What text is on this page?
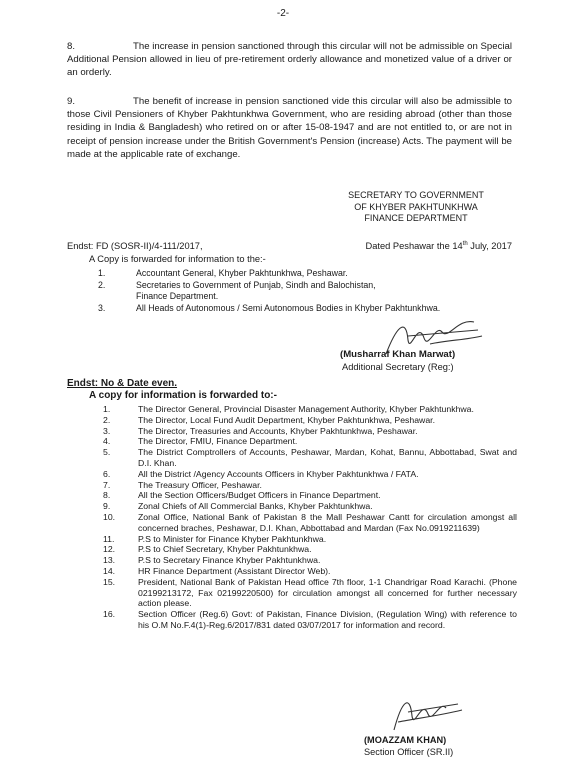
-2-
8.	The increase in pension sanctioned through this circular will not be admissible on Special Additional Pension allowed in lieu of pre-retirement orderly allowance and monetized value of a driver or an orderly.
9.	The benefit of increase in pension sanctioned vide this circular will also be admissible to those Civil Pensioners of Khyber Pakhtunkhwa Government, who are residing abroad (other than those residing in India & Bangladesh) who retired on or after 15-08-1947 and are not entitled to, or are not in receipt of pension increase under the British Government's Pension (increase) Acts. The payment will be made at the applicable rate of exchange.
SECRETARY TO GOVERNMENT
OF KHYBER PAKHTUNKHWA
FINANCE DEPARTMENT
Endst: FD (SOSR-II)/4-111/2017,	Dated Peshawar the 14th July, 2017
A Copy is forwarded for information to the:-
1.	Accountant General, Khyber Pakhtunkhwa, Peshawar.
2.	Secretaries to Government of Punjab, Sindh and Balochistan, Finance Department.
3.	All Heads of Autonomous / Semi Autonomous Bodies in Khyber Pakhtunkhwa.
(Musharraf Khan Marwat)
Additional Secretary (Reg:)
Endst: No & Date even.
A copy for information is forwarded to:-
1.	The Director General, Provincial Disaster Management Authority, Khyber Pakhtunkhwa.
2.	The Director, Local Fund Audit Department, Khyber Pakhtunkhwa, Peshawar.
3.	The Director, Treasuries and Accounts, Khyber Pakhtunkhwa, Peshawar.
4.	The Director, FMIU, Finance Department.
5.	The District Comptrollers of Accounts, Peshawar, Mardan, Kohat, Bannu, Abbottabad, Swat and D.I. Khan.
6.	All the District /Agency Accounts Officers in Khyber Pakhtunkhwa / FATA.
7.	The Treasury Officer, Peshawar.
8.	All the Section Officers/Budget Officers in Finance Department.
9.	Zonal Chiefs of All Commercial Banks, Khyber Pakhtunkhwa.
10.	Zonal Office, National Bank of Pakistan 8 the Mall Peshawar Cantt for circulation amongst all concerned braches, Peshawar, D.I. Khan, Abbottabad and Mardan (Fax No.0919211639)
11.	P.S to Minister for Finance Khyber Pakhtunkhwa.
12.	P.S to Chief Secretary, Khyber Pakhtunkhwa.
13.	P.S to Secretary Finance Khyber Pakhtunkhwa.
14.	HR Finance Department (Assistant Director Web).
15.	President, National Bank of Pakistan Head office 7th floor, 1-1 Chandrigar Road Karachi. (Phone 02199213172, Fax 02199220500) for circulation amongst all concerned for further necessary action please.
16.	Section Officer (Reg.6) Govt: of Pakistan, Finance Division, (Regulation Wing) with reference to his O.M No.F.4(1)-Reg.6/2017/831 dated 03/07/2017 for information and record.
(MOAZZAM KHAN)
Section Officer (SR.II)
